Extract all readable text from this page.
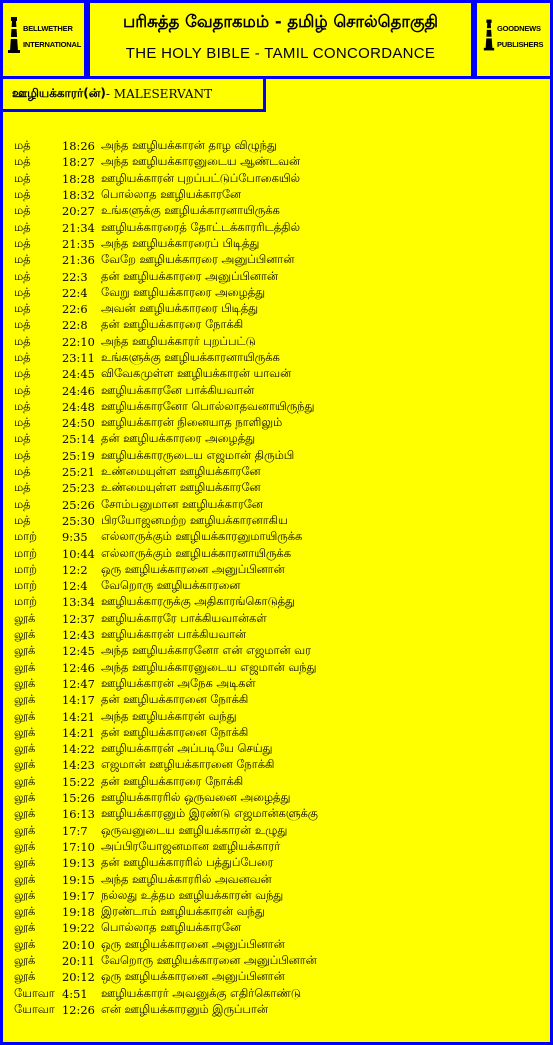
BELLWETHER
INTERNATIONAL
பரிசுத்த வேதாகமம் - தமிழ் சொல்தொகுதி
THE HOLY BIBLE - TAMIL CONCORDANCE
GOODNEWS
PUBLISHERS
ஊழியக்காரர்(ன்) - MALESERVANT
மத்	18:26 அந்த ஊழியக்காரன் தாழ விழுந்து
மத்	18:27 அந்த ஊழியக்காரனுடைய ஆண்டவன்
மத்	18:28 ஊழியக்காரன் புறப்பட்டுப்போகையில்
மத்	18:32 பொல்லாத ஊழியக்காரனே
மத்	20:27 உங்களுக்கு ஊழியக்காரனாயிருக்க
மத்	21:34 ஊழியக்காரரைத் தோட்டக்காரரிடத்தில்
மத்	21:35 அந்த ஊழியக்காரரைப் பிடித்து
மத்	21:36 வேறே ஊழியக்காரரை அனுப்பினான்
மத்	22:3	தன் ஊழியக்காரரை அனுப்பினான்
மத்	22:4	வேறு ஊழியக்காரரை அழைத்து
மத்	22:6	அவன் ஊழியக்காரரை பிடித்து
மத்	22:8	தன் ஊழியக்காரரை நோக்கி
மத்	22:10 அந்த ஊழியக்காரர் புறப்பட்டு
மத்	23:11 உங்களுக்கு ஊழியக்காரனாயிருக்க
மத்	24:45 விவேகமுள்ள ஊழியக்காரன் யாவன்
மத்	24:46 ஊழியக்காரனே பாக்கியவான்
மத்	24:48 ஊழியக்காரனோ பொல்லாதவனாயிருந்து
மத்	24:50 ஊழியக்காரன் நினையாத நாளிலும்
மத்	25:14 தன் ஊழியக்காரரை அழைத்து
மத்	25:19 ஊழியக்காரருடைய எஜமான் திரும்பி
மத்	25:21 உண்மையுள்ள ஊழியக்காரனே
மத்	25:23 உண்மையுள்ள ஊழியக்காரனே
மத்	25:26 சோம்பனுமான ஊழியக்காரனே
மத்	25:30 பிரயோஜனமற்ற ஊழியக்காரனாகிய
மாற்	9:35	எல்லாருக்கும் ஊழியக்காரனுமாயிருக்க
மாற்	10:44 எல்லாருக்கும் ஊழியக்காரனாயிருக்க
மாற்	12:2	ஒரு ஊழியக்காரனை அனுப்பினான்
மாற்	12:4	வேறொரு ஊழியக்காரனை
மாற்	13:34 ஊழியக்காரருக்கு அதிகாரங்கொடுத்து
லூக்	12:37 ஊழியக்காரரே பாக்கியவான்கள்
லூக்	12:43 ஊழியக்காரன் பாக்கியவான்
லூக்	12:45 அந்த ஊழியக்காரனோ என் எஜமான் வர
லூக்	12:46 அந்த ஊழியக்காரனுடைய எஜமான் வந்து
லூக்	12:47 ஊழியக்காரன் அநேக அடிகள்
லூக்	14:17 தன் ஊழியக்காரனை நோக்கி
லூக்	14:21 அந்த ஊழியக்காரன் வந்து
லூக்	14:21 தன் ஊழியக்காரனை நோக்கி
லூக்	14:22 ஊழியக்காரன் அப்படியே செய்து
லூக்	14:23 எஜமான் ஊழியக்காரனை நோக்கி
லூக்	15:22 தன் ஊழியக்காரரை நோக்கி
லூக்	15:26 ஊழியக்காரரில் ஒருவனை அழைத்து
லூக்	16:13 ஊழியக்காரனும் இரண்டு எஜமான்களுக்கு
லூக்	17:7	ஒருவனுடைய ஊழியக்காரன் உழுது
லூக்	17:10 அப்பிரயோஜனமான ஊழியக்காரர்
லூக்	19:13 தன் ஊழியக்காரரில் பத்துப்பேரை
லூக்	19:15 அந்த ஊழியக்காரரில் அவனவன்
லூக்	19:17 நல்லது உத்தம ஊழியக்காரன் வந்து
லூக்	19:18 இரண்டாம் ஊழியக்காரன் வந்து
லூக்	19:22 பொல்லாத ஊழியக்காரனே
லூக்	20:10 ஒரு ஊழியக்காரனை அனுப்பினான்
லூக்	20:11 வேறொரு ஊழியக்காரனை அனுப்பினான்
லூக்	20:12 ஒரு ஊழியக்காரனை அனுப்பினான்
யோவா 4:51	ஊழியக்காரர் அவனுக்கு எதிர்கொண்டு
யோவா 12:26 என் ஊழியக்காரனும் இருப்பான்
